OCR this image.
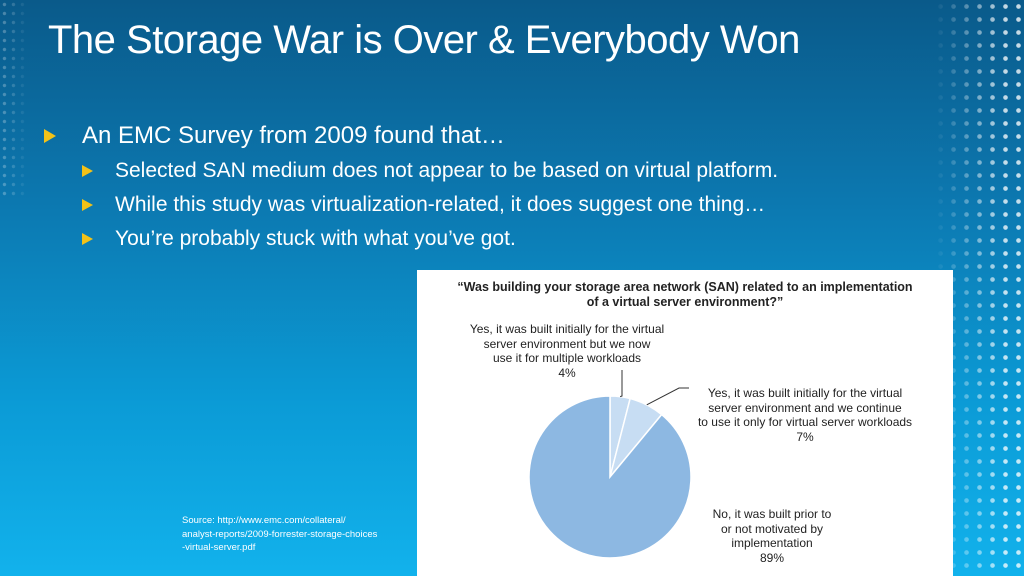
The Storage War is Over & Everybody Won
An EMC Survey from 2009 found that…
Selected SAN medium does not appear to be based on virtual platform.
While this study was virtualization-related, it does suggest one thing…
You’re probably stuck with what you’ve got.
“Was building your storage area network (SAN) related to an implementation
of a virtual server environment?”
Yes, it was built initially for the virtual
server environment but we now
use it for multiple workloads
4%
Yes, it was built initially for the virtual
server environment and we continue
to use it only for virtual server workloads
7%
No, it was built prior to
or not motivated by
implementation
89%
Source: http://www.emc.com/collateral/
analyst-reports/2009-forrester-storage-choices
-virtual-server.pdf
